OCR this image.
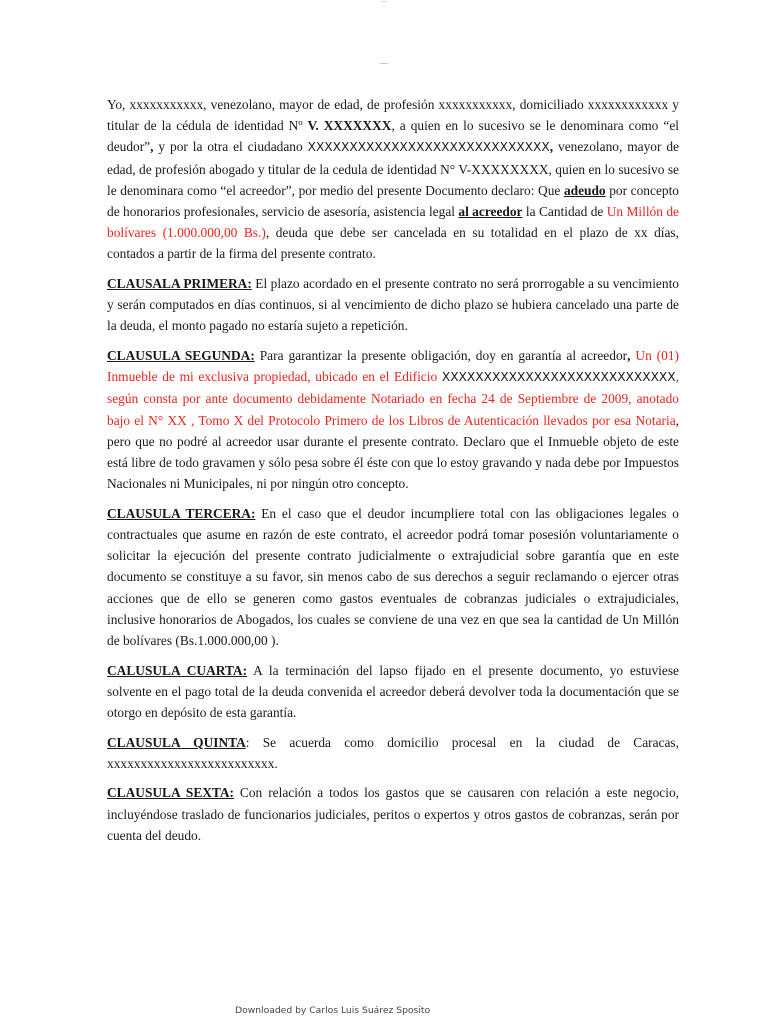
__
~~~

Yo, xxxxxxxxxxx, venezolano, mayor de edad, de profesión xxxxxxxxxxx, domiciliado xxxxxxxxxxxx y titular de la cédula de identidad Nº V. XXXXXXX, a quien en lo sucesivo se le denominara como “el deudor”, y por la otra el ciudadano XXXXXXXXXXXXXXXXXXXXXXXXXXXXX, venezolano, mayor de edad, de profesión abogado y titular de la cedula de identidad N° V-XXXXXXXX, quien en lo sucesivo se le denominara como “el acreedor”, por medio del presente Documento declaro: Que adeudo por concepto de honorarios profesionales, servicio de asesoría, asistencia legal al acreedor la Cantidad de Un Millón de bolívares (1.000.000,00 Bs.), deuda que debe ser cancelada en su totalidad en el plazo de xx días, contados a partir de la firma del presente contrato.

CLAUSALA PRIMERA: El plazo acordado en el presente contrato no será prorrogable a su vencimiento y serán computados en días continuos, si al vencimiento de dicho plazo se hubiera cancelado una parte de la deuda, el monto pagado no estaría sujeto a repetición.

CLAUSULA SEGUNDA: Para garantizar la presente obligación, doy en garantía al acreedor, Un (01) Inmueble de mi exclusiva propiedad, ubicado en el Edificio XXXXXXXXXXXXXXXXXXXXXXXXXXXX, según consta por ante documento debidamente Notariado en fecha 24 de Septiembre de 2009, anotado bajo el N° XX , Tomo X del Protocolo Primero de los Libros de Autenticación llevados por esa Notaria, pero que no podré al acreedor usar durante el presente contrato. Declaro que el Inmueble objeto de este está libre de todo gravamen y sólo pesa sobre él éste con que lo estoy gravando y nada debe por Impuestos Nacionales ni Municipales, ni por ningún otro concepto.

CLAUSULA TERCERA: En el caso que el deudor incumpliere total con las obligaciones legales o contractuales que asume en razón de este contrato, el acreedor podrá tomar posesión voluntariamente o solicitar la ejecución del presente contrato judicialmente o extrajudicial sobre garantía que en este documento se constituye a su favor, sin menos cabo de sus derechos a seguir reclamando o ejercer otras acciones que de ello se generen como gastos eventuales de cobranzas judiciales o extrajudiciales, inclusive honorarios de Abogados, los cuales se conviene de una vez en que sea la cantidad de Un Millón de bolívares (Bs.1.000.000,00 ).

CALUSULA CUARTA: A la terminación del lapso fijado en el presente documento, yo estuviese solvente en el pago total de la deuda convenida el acreedor deberá devolver toda la documentación que se otorgo en depósito de esta garantía.

CLAUSULA QUINTA: Se acuerda como domicilio procesal en la ciudad de Caracas, xxxxxxxxxxxxxxxxxxxxxxxxx.

CLAUSULA SEXTA: Con relación a todos los gastos que se causaren con relación a este negocio, incluyéndose traslado de funcionarios judiciales, peritos o expertos y otros gastos de cobranzas, serán por cuenta del deudo.

Downloaded by Carlos Luis Suárez Sposito
